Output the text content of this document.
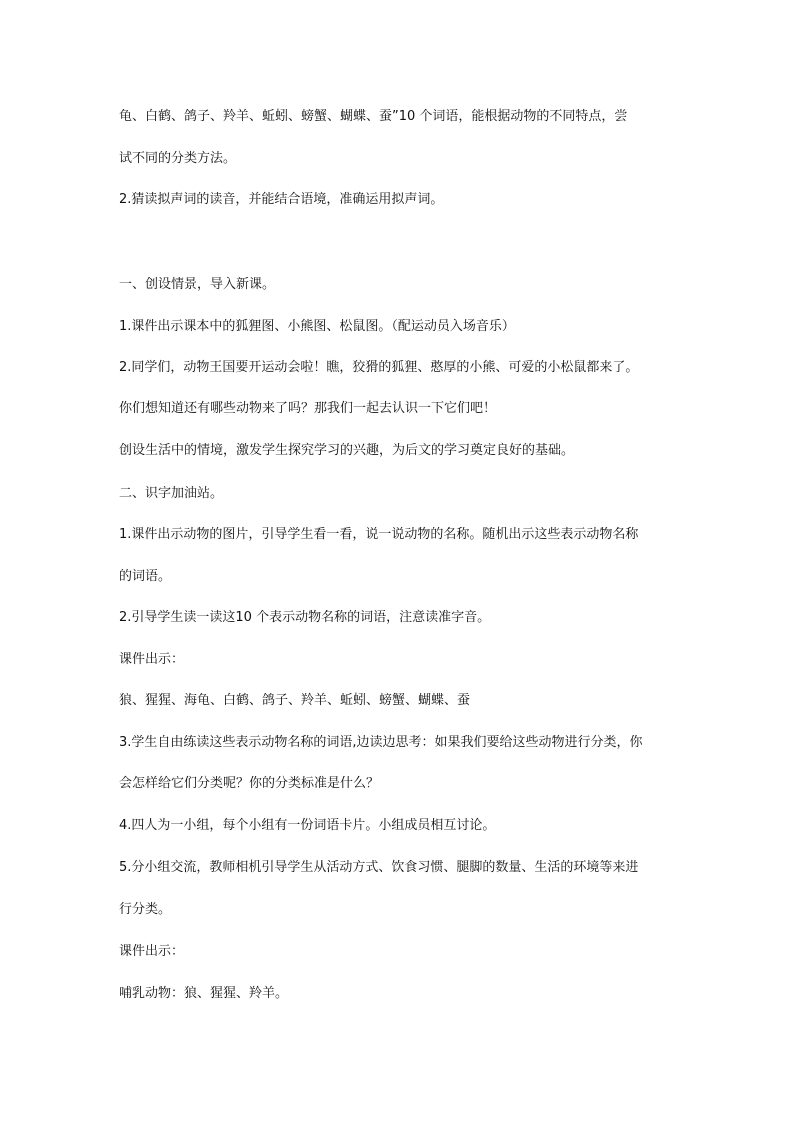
龟、白鹤、鸽子、羚羊、蚯蚓、螃蟹、蝴蝶、蚕”10 个词语，能根据动物的不同特点，尝
试不同的分类方法。
2.猜读拟声词的读音，并能结合语境，准确运用拟声词。
一、创设情景，导入新课。
1.课件出示课本中的狐狸图、小熊图、松鼠图。（配运动员入场音乐）
2.同学们，动物王国要开运动会啦！瞧，狡猾的狐狸、憨厚的小熊、可爱的小松鼠都来了。
你们想知道还有哪些动物来了吗？那我们一起去认识一下它们吧！
创设生活中的情境，激发学生探究学习的兴趣，为后文的学习奠定良好的基础。
二、识字加油站。
1.课件出示动物的图片，引导学生看一看，说一说动物的名称。随机出示这些表示动物名称
的词语。
2.引导学生读一读这10 个表示动物名称的词语，注意读准字音。
课件出示：
狼、猩猩、海龟、白鹤、鸽子、羚羊、蚯蚓、螃蟹、蝴蝶、蚕
3.学生自由练读这些表示动物名称的词语,边读边思考：如果我们要给这些动物进行分类，你
会怎样给它们分类呢？你的分类标准是什么？
4.四人为一小组，每个小组有一份词语卡片。小组成员相互讨论。
5.分小组交流，教师相机引导学生从活动方式、饮食习惯、腿脚的数量、生活的环境等来进
行分类。
课件出示：
哺乳动物：狼、猩猩、羚羊。
